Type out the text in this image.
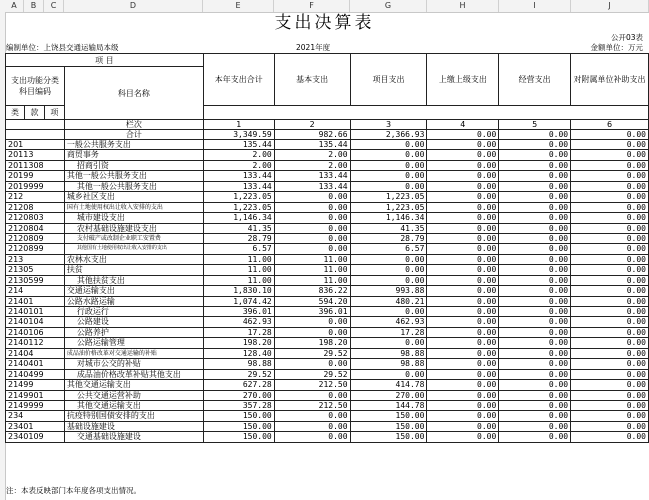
A	B	C	D	E	F	G	H	I	J
支出决算表
公开03表
编制单位：上饶县交通运输局本级	2021年度	金额单位：万元
项 目				本年支出合计	基本支出	项目支出	上缴上级支出	经营支出	对附属单位补助支出
支出功能分类科目编码			科目名称						
类	款	项							
			栏次	1	2	3	4	5	6
			合计	3,349.59	982.66	2,366.93	0.00	0.00	0.00
201			一般公共服务支出	135.44	135.44	0.00	0.00	0.00	0.00
20113			商贸事务	2.00	2.00	0.00	0.00	0.00	0.00
2011308			招商引资	2.00	2.00	0.00	0.00	0.00	0.00
20199			其他一般公共服务支出	133.44	133.44	0.00	0.00	0.00	0.00
2019999			其他一般公共服务支出	133.44	133.44	0.00	0.00	0.00	0.00
212			城乡社区支出	1,223.05	0.00	1,223.05	0.00	0.00	0.00
21208			国有土地使用权出让收入安排的支出	1,223.05	0.00	1,223.05	0.00	0.00	0.00
2120803			城市建设支出	1,146.34	0.00	1,146.34	0.00	0.00	0.00
2120804			农村基础设施建设支出	41.35	0.00	41.35	0.00	0.00	0.00
2120809			支付破产或改制企业职工安置费	28.79	0.00	28.79	0.00	0.00	0.00
2120899			其他国有土地使用权出让收入安排的支出	6.57	0.00	6.57	0.00	0.00	0.00
213			农林水支出	11.00	11.00	0.00	0.00	0.00	0.00
21305			扶贫	11.00	11.00	0.00	0.00	0.00	0.00
2130599			其他扶贫支出	11.00	11.00	0.00	0.00	0.00	0.00
214			交通运输支出	1,830.10	836.22	993.88	0.00	0.00	0.00
21401			公路水路运输	1,074.42	594.20	480.21	0.00	0.00	0.00
2140101			行政运行	396.01	396.01	0.00	0.00	0.00	0.00
2140104			公路建设	462.93	0.00	462.93	0.00	0.00	0.00
2140106			公路养护	17.28	0.00	17.28	0.00	0.00	0.00
2140112			公路运输管理	198.20	198.20	0.00	0.00	0.00	0.00
21404			成品油价格改革对交通运输的补贴	128.40	29.52	98.88	0.00	0.00	0.00
2140401			对城市公交的补贴	98.88	0.00	98.88	0.00	0.00	0.00
2140499			成品油价格改革补贴其他支出	29.52	29.52	0.00	0.00	0.00	0.00
21499			其他交通运输支出	627.28	212.50	414.78	0.00	0.00	0.00
2149901			公共交通运营补助	270.00	0.00	270.00	0.00	0.00	0.00
2149999			其他交通运输支出	357.28	212.50	144.78	0.00	0.00	0.00
234			抗疫特别国债安排的支出	150.00	0.00	150.00	0.00	0.00	0.00
23401			基础设施建设	150.00	0.00	150.00	0.00	0.00	0.00
2340109			交通基础设施建设	150.00	0.00	150.00	0.00	0.00	0.00
注：本表反映部门本年度各项支出情况。
